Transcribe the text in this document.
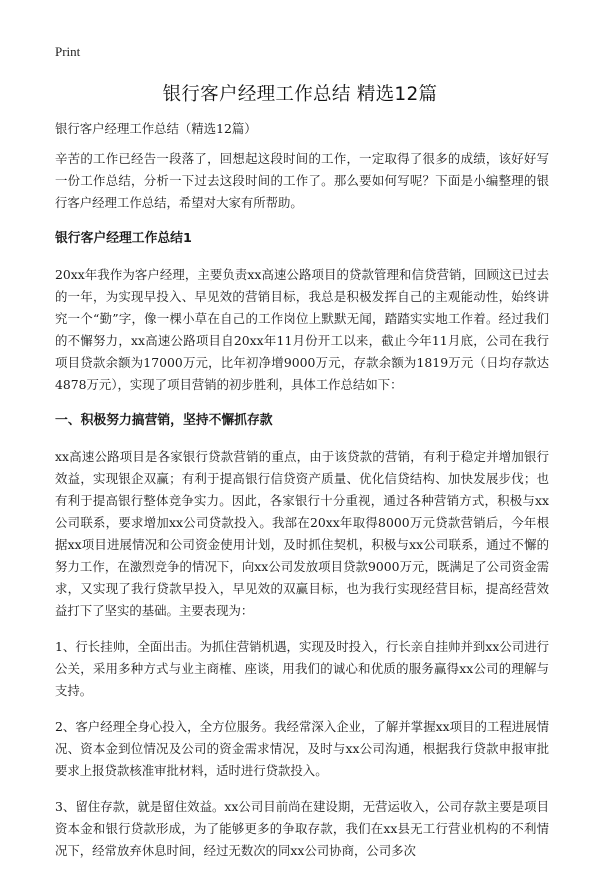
Print
银行客户经理工作总结 精选12篇

银行客户经理工作总结（精选12篇）

辛苦的工作已经告一段落了，回想起这段时间的工作，一定取得了很多的成绩，该好好写一份工作总结，分析一下过去这段时间的工作了。那么要如何写呢？下面是小编整理的银行客户经理工作总结，希望对大家有所帮助。

银行客户经理工作总结1

20xx年我作为客户经理，主要负责xx高速公路项目的贷款管理和信贷营销，回顾这已过去的一年，为实现早投入、早见效的营销目标，我总是积极发挥自己的主观能动性，始终讲究一个“勤”字，像一棵小草在自己的工作岗位上默默无闻，踏踏实实地工作着。经过我们的不懈努力，xx高速公路项目自20xx年11月份开工以来，截止今年11月底，公司在我行项目贷款余额为17000万元，比年初净增9000万元，存款余额为1819万元（日均存款达4878万元），实现了项目营销的初步胜利，具体工作总结如下：

一、积极努力搞营销，坚持不懈抓存款

xx高速公路项目是各家银行贷款营销的重点，由于该贷款的营销，有利于稳定并增加银行效益，实现银企双赢；有利于提高银行信贷资产质量、优化信贷结构、加快发展步伐；也有利于提高银行整体竞争实力。因此，各家银行十分重视，通过各种营销方式，积极与xx公司联系，要求增加xx公司贷款投入。我部在20xx年取得8000万元贷款营销后，今年根据xx项目进展情况和公司资金使用计划，及时抓住契机，积极与xx公司联系，通过不懈的努力工作，在激烈竞争的情况下，向xx公司发放项目贷款9000万元，既满足了公司资金需求，又实现了我行贷款早投入，早见效的双赢目标，也为我行实现经营目标，提高经营效益打下了坚实的基础。主要表现为：

1、行长挂帅，全面出击。为抓住营销机遇，实现及时投入，行长亲自挂帅并到xx公司进行公关，采用多种方式与业主商榷、座谈，用我们的诚心和优质的服务赢得xx公司的理解与支持。

2、客户经理全身心投入，全方位服务。我经常深入企业，了解并掌握xx项目的工程进展情况、资本金到位情况及公司的资金需求情况，及时与xx公司沟通，根据我行贷款申报审批要求上报贷款核准审批材料，适时进行贷款投入。

3、留住存款，就是留住效益。xx公司目前尚在建设期，无营运收入，公司存款主要是项目资本金和银行贷款形成，为了能够更多的争取存款，我们在xx县无工行营业机构的不利情况下，经常放弃休息时间，经过无数次的同xx公司协商，公司多次
